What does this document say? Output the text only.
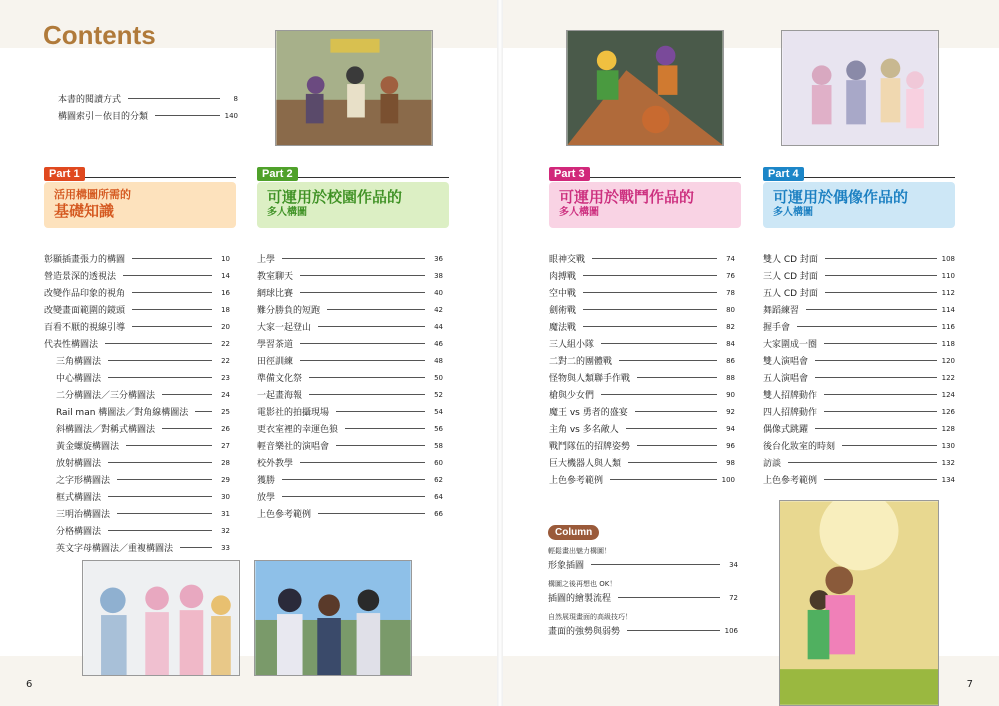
Contents
本書的閱讀方式	8
構圖索引－依目的分類	140
Part 1
活用構圖所需的
基礎知識
Part 2
可運用於校園作品的
多人構圖
Part 3
可運用於戰鬥作品的
多人構圖
Part 4
可運用於偶像作品的
多人構圖
彰顯插畫張力的構圖	10
營造景深的透視法	14
改變作品印象的視角	16
改變畫面範圍的鏡頭	18
百看不厭的視線引導	20
代表性構圖法	22
三角構圖法	22
中心構圖法	23
二分構圖法／三分構圖法	24
Rail man 構圖法／對角線構圖法	25
斜構圖法／對稱式構圖法	26
黃金螺旋構圖法	27
放射構圖法	28
之字形構圖法	29
框式構圖法	30
三明治構圖法	31
分格構圖法	32
英文字母構圖法／重複構圖法	33
上學	36
教室聊天	38
網球比賽	40
難分勝負的短跑	42
大家一起登山	44
學習茶道	46
田徑訓練	48
準備文化祭	50
一起畫海報	52
電影社的拍攝現場	54
更衣室裡的幸運色狼	56
輕音樂社的演唱會	58
校外教學	60
獲勝	62
放學	64
上色參考範例	66
眼神交戰	74
肉搏戰	76
空中戰	78
劍術戰	80
魔法戰	82
三人組小隊	84
二對二的團體戰	86
怪物與人類聯手作戰	88
槍與少女們	90
魔王 vs 勇者的盛宴	92
主角 vs 多名敵人	94
戰鬥隊伍的招牌姿勢	96
巨大機器人與人類	98
上色參考範例	100
雙人 CD 封面	108
三人 CD 封面	110
五人 CD 封面	112
舞蹈練習	114
握手會	116
大家圍成一圈	118
雙人演唱會	120
五人演唱會	122
雙人招牌動作	124
四人招牌動作	126
偶像式跳躍	128
後台化妝室的時刻	130
訪談	132
上色參考範例	134
Column
輕鬆畫出魅力構圖！
形象插圖	34
構圖之後再想也 OK！
插圖的繪製流程	72
自然展現畫面的高級技巧！
畫面的強勢與弱勢	106
6	7
